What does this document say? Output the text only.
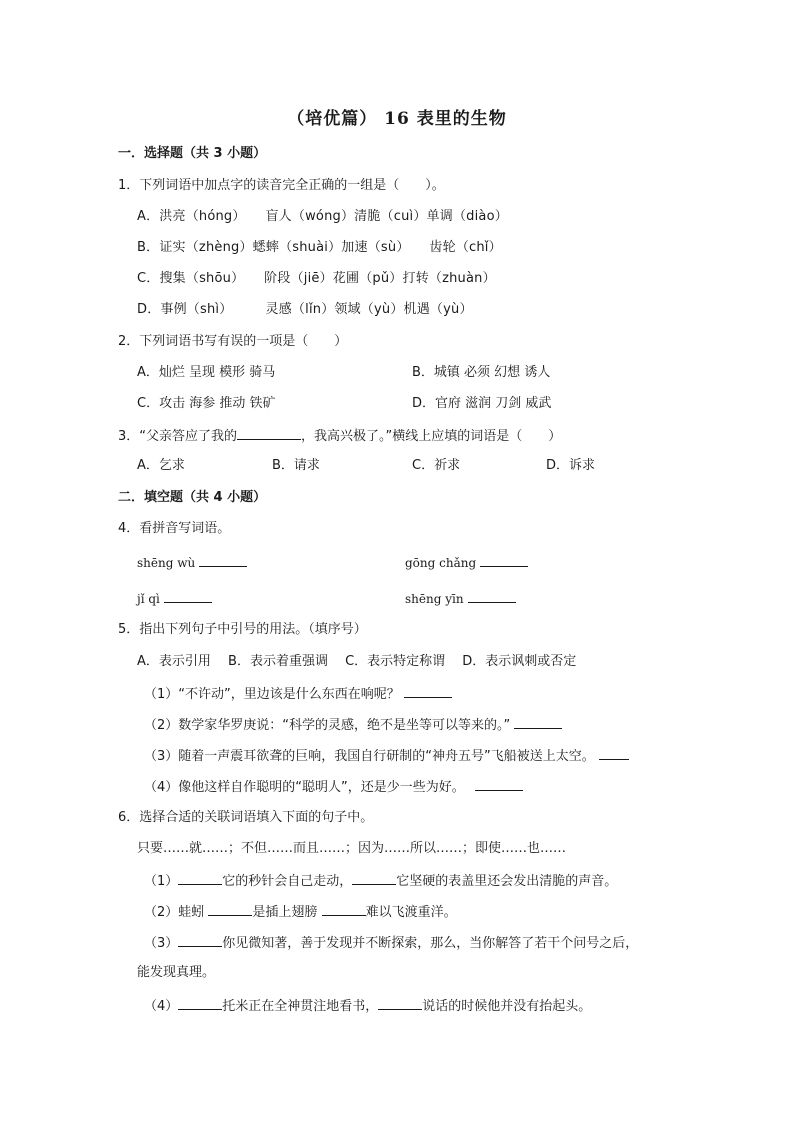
（培优篇） 16 表里的生物
一．选择题（共 3 小题）
1．下列词语中加点字的读音完全正确的一组是（　　）。
A．洪亮（hóng）　　盲人（wóng）清脆（cuì）单调（diào）
B．证实（zhèng）蟋蟀（shuài）加速（sù）　　齿轮（chǐ）
C．搜集（shōu）　　阶段（jiē）花圃（pǔ）打转（zhuàn）
D．事例（shì）　　　灵感（lǐn）领域（yù）机遇（yù）
2．下列词语书写有误的一项是（　　）
A．灿烂 呈现 模形 骑马	B．城镇 必须 幻想 诱人
C．攻击 海参 推动 铁矿	D．官府 滋润 刀剑 威武
3．“父亲答应了我的	，我高兴极了。”横线上应填的词语是（　　）
A．乞求	B．请求	C．祈求	D．诉求
二．填空题（共 4 小题）
4．看拼音写词语。
shēng wù	gōng chǎng
jǐ qì	shēng yīn
5．指出下列句子中引号的用法。（填序号）
A．表示引用　 B．表示着重强调　 C．表示特定称谓　 D．表示讽刺或否定
（1）“不许动”，里边该是什么东西在响呢？
（2）数学家华罗庚说：“科学的灵感，绝不是坐等可以等来的。”
（3）随着一声震耳欲聋的巨响，我国自行研制的“神舟五号”飞船被送上太空。
（4）像他这样自作聪明的“聪明人”，还是少一些为好。
6．选择合适的关联词语填入下面的句子中。
只要……就……；不但……而且……；因为……所以……；即使……也……
（1）	它的秒针会自己走动，	它坚硬的表盖里还会发出清脆的声音。
（2）蛙蚓	是插上翅膀	难以飞渡重洋。
（3）	你见微知著，善于发现并不断探索，那么，当你解答了若干个问号之后，
能发现真理。
（4）	托米正在全神贯注地看书，	说话的时候他并没有抬起头。
